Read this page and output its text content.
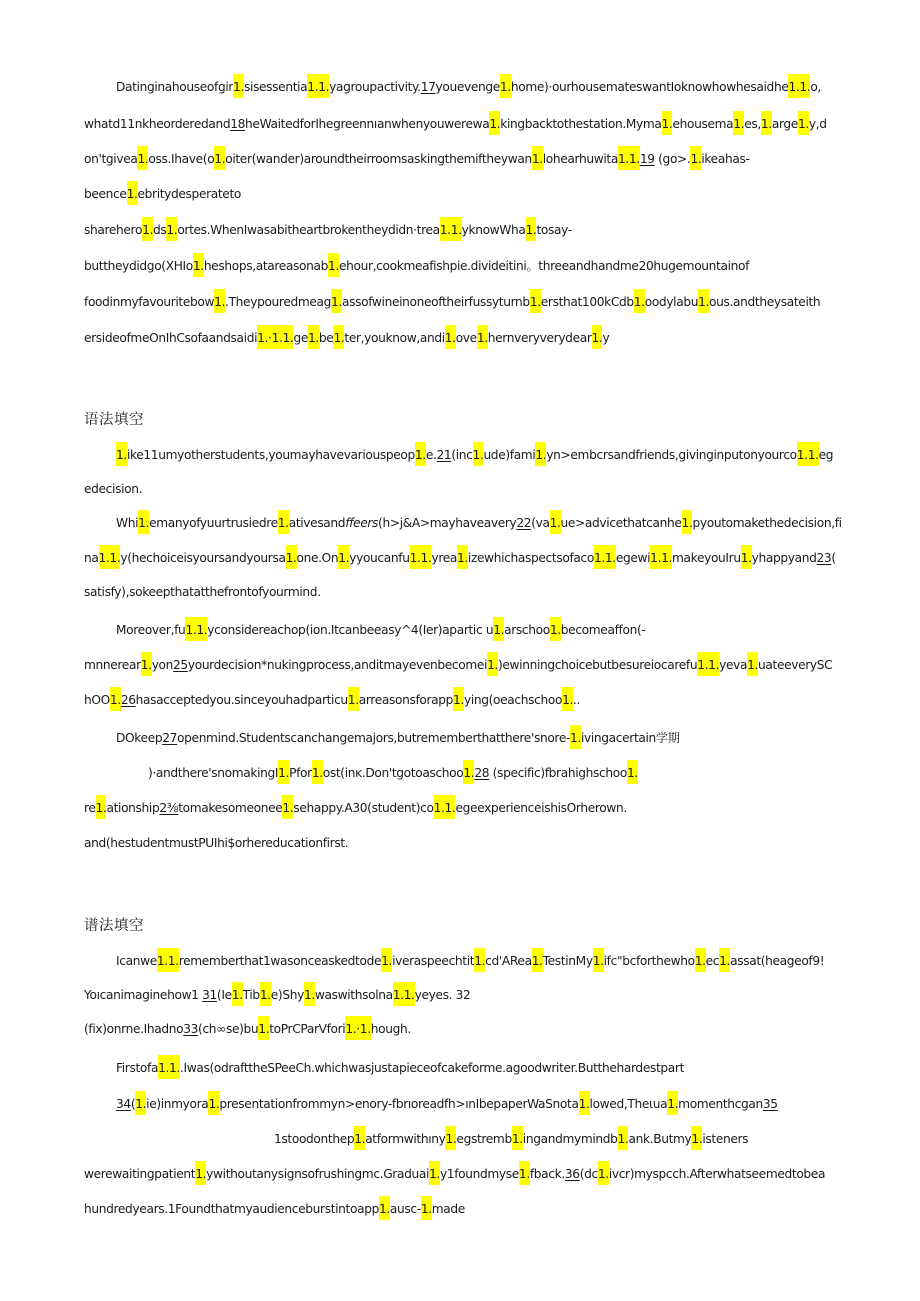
Datinginahouseofgir1.sisessentia1.1.yagroupactivity.17youevenge1.home)·ourhousemateswantIoknowhowhesaidhe1.1.o,
whatd11nkheorderedand18heWaitedforIhegreennıanwhenyouwerewa1.kingbacktothestation.Myma1.ehousema1.es,1.arge1.y,d
on'tgivea1.oss.Ihave(o1.oiter(wander)aroundtheirroomsaskingthemiftheywan1.lohearhuwita1.1.19 (go>.1.ikeahas-
beence1.ebritydesperateto
sharehero1.ds1.ortes.WhenIwasabitheartbrokentheydidn·trea1.1.yknowWha1.tosay-
buttheydidgo(XHIo1.heshops,atareasonab1.ehour,cookmeafishpie.divideitini。threeandhandme20hugemountainof
foodinmyfavouritebow1..Theypouredmeag1.assofwineinoneoftheirfussyturnb1.ersthat100kCdb1.oodylabu1.ous.andtheysateith
ersideofmeOnIhCsofaandsaidi1.·1.1.ge1.be1.ter,youknow,andi1.ove1.hernveryverydear1.y
语法填空
1.ike11umyotherstudents,youmayhavevariouspeop1.e.21(inc1.ude)fami1.yn>embcrsandfriends,givinginputonyourco1.1.eg
edecision.
Whi1.emanyofyuurtrusiedre1.ativesandffeers(h>j&A>mayhaveavery22(va1.ue>advicethatcanhe1.pyoutomakethedecision,fi
na1.1.y(hechoiceisyoursandyoursa1.one.On1.yyoucanfu1.1.yrea1.izewhichaspectsofaco1.1.egewi1.1.makeyouIru1.yhappyand23(
satisfy),sokeepthatatthefrontofyourmind.
Moreover,fu1.1.yconsidereachop(ion.Itcanbeeasy^4(Ier)apartic u1.arschoo1.becomeaffon(-
mnnerear1.yon25yourdecision*nukingprocess,anditmayevenbecomei1.)ewinningchoicebutbesureiocarefu1.1.yeva1.uateeverySC
hOO1.26hasacceptedyou.sinceyouhadparticu1.arreasonsforapp1.ying(oeachschoo1...
DOkeep27openmind.Studentscanchangemajors,butrememberthatthere'snore-1.ivingacertain学期
)·andthere'snomakingI1.Pfor1.ost(inĸ.Don'tgotoaschoo1.28 (specific)fbrahighschoo1.
re1.ationship2⅜tomakesomeonee1.sehappy.A30(student)co1.1.egeexperienceishisOrherown.
and(hestudentmustPUIhi$orhereducationfirst.
谱法填空
Icanwe1.1.rememberthat1wasonceaskedtode1.iveraspeechtit1.cd'ARea1.TestinMy1.ifc"bcforthewho1.ec1.assat(heageof9!
Yoıcanimaginehow1 31(Ie1.Tib1.e)Shy1.waswithsolna1.1.yeyes. 32
(fix)onrne.Ihadno33(ch∞se)bu1.toPrCParVfori1.·1.hough.
Firstofa1.1..Iwas(odrafttheSPeeCh.whichwasjustapieceofcakeforme.agoodwriter.Butthehardestpart
34(1.ie)inmyora1.presentationfrommyn>enory-fbrıoreadfh>ınIbepaperWaSnota1.lowed,Theιua1.momenthcgan35
1stoodonthep1.atformwithıny1.egstremb1.ingandmymindb1.ank.Butmy1.isteners
werewaitingpatient1.ywithoutanysignsofrushingmc.Graduai1.y1foundmyse1.fback.36(dc1.ivcr)myspcch.Afterwhatseemedtobea
hundredyears.1Foundthatmyaudienceburstintoapp1.ausc-1.made
